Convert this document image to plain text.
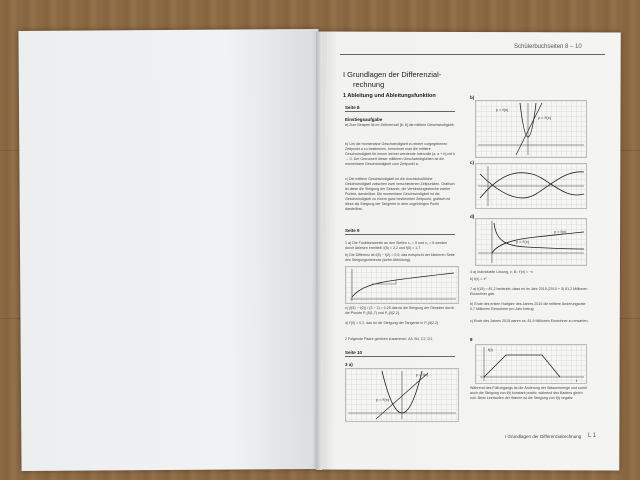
Schülerbuchseiten 8 – 10
I Grundlagen der Differenzial-
rechnung
1 Ableitung und Ableitungsfunktion
Seite 8
Einstiegsaufgabe
a) Zum Beispiel ist im Zeitintervall [6; 8] die mittlere Geschwindigkeit:
b) Um die momentane Geschwindigkeit zu einem vorgegebenen Zeitpunkt a zu bestimmen, berechnet man die mittlere Geschwindigkeit für immer kleiner werdende Intervalle [a; a + h] mit h → 0. Der Grenzwert dieser mittleren Geschwindigkeiten ist die momentane Geschwindigkeit zum Zeitpunkt a.
c) Die mittlere Geschwindigkeit ist die durchschnittliche Geschwindigkeit zwischen zwei verschiedenen Zeitpunkten. Grafisch ist diese die Steigung der Sekante, die Verbindungsstrecke zweier Punkte, darstellbar. Die momentane Geschwindigkeit ist die Geschwindigkeit zu einem ganz bestimmten Zeitpunkt, grafisch ist diese als Steigung der Tangente in dem zugehörigen Punkt darstellbar.
Seite 9
1 a) Die Funktionswerte an den Stellen x₁ = 5 und x₂ = 5 werden durch Ablesen ermittelt: f(5) ≈ 2,2 und f(5) ≈ 1,7.
b) Die Differenz ist f(5) − f(2) ≈ 0,5, das entspricht der kleineren Seite des Steigungsdreiecks (siehe Abbildung).
c) (f(5) − f(2)) / (5 − 2) ≈ 0,25 das ist die Steigung der Geraden durch die Punkte P₁(5|1,7) und P₂(5|2,2).
d) f′(0) ≈ 0,2, das ist die Steigung der Tangente in P₁(5|2,2).
2 Folgende Paare gehören zusammen: A3, B4, C2, D1.
Seite 10
3 a)
y = f(x)
y = f′(x)
b)
y = f(x)
y = f′(x)
c)
d)
y = f(x)
y = f′(x)
4 a) Individuelle Lösung, z. B.: f′(x) = −x
b) f(x) = x²
7 a) f(15) ≈ 81,2 bedeutet, dass es im Jahr 2015 (2010 + 5) 81,2 Millionen Einwohner gab.
b) Ende des ersten Halbjahr des Jahres 2015 die mittlere Änderungsrate 0,7 Millionen Einwohner pro Jahr betrug.
c) Ende des Jahres 2015 waren ca. 81,9 Millionen Einwohner zu erwarten.
8
f(t)
t
Während des Füllvorgangs ist die Änderung der Wassermenge und somit auch die Steigung von f(t) konstant positiv, während des Badens gleich null. Beim Leerlaufen der Wanne ist die Steigung von f(t) negativ.
I Grundlagen der Differenzialrechnung L 1
